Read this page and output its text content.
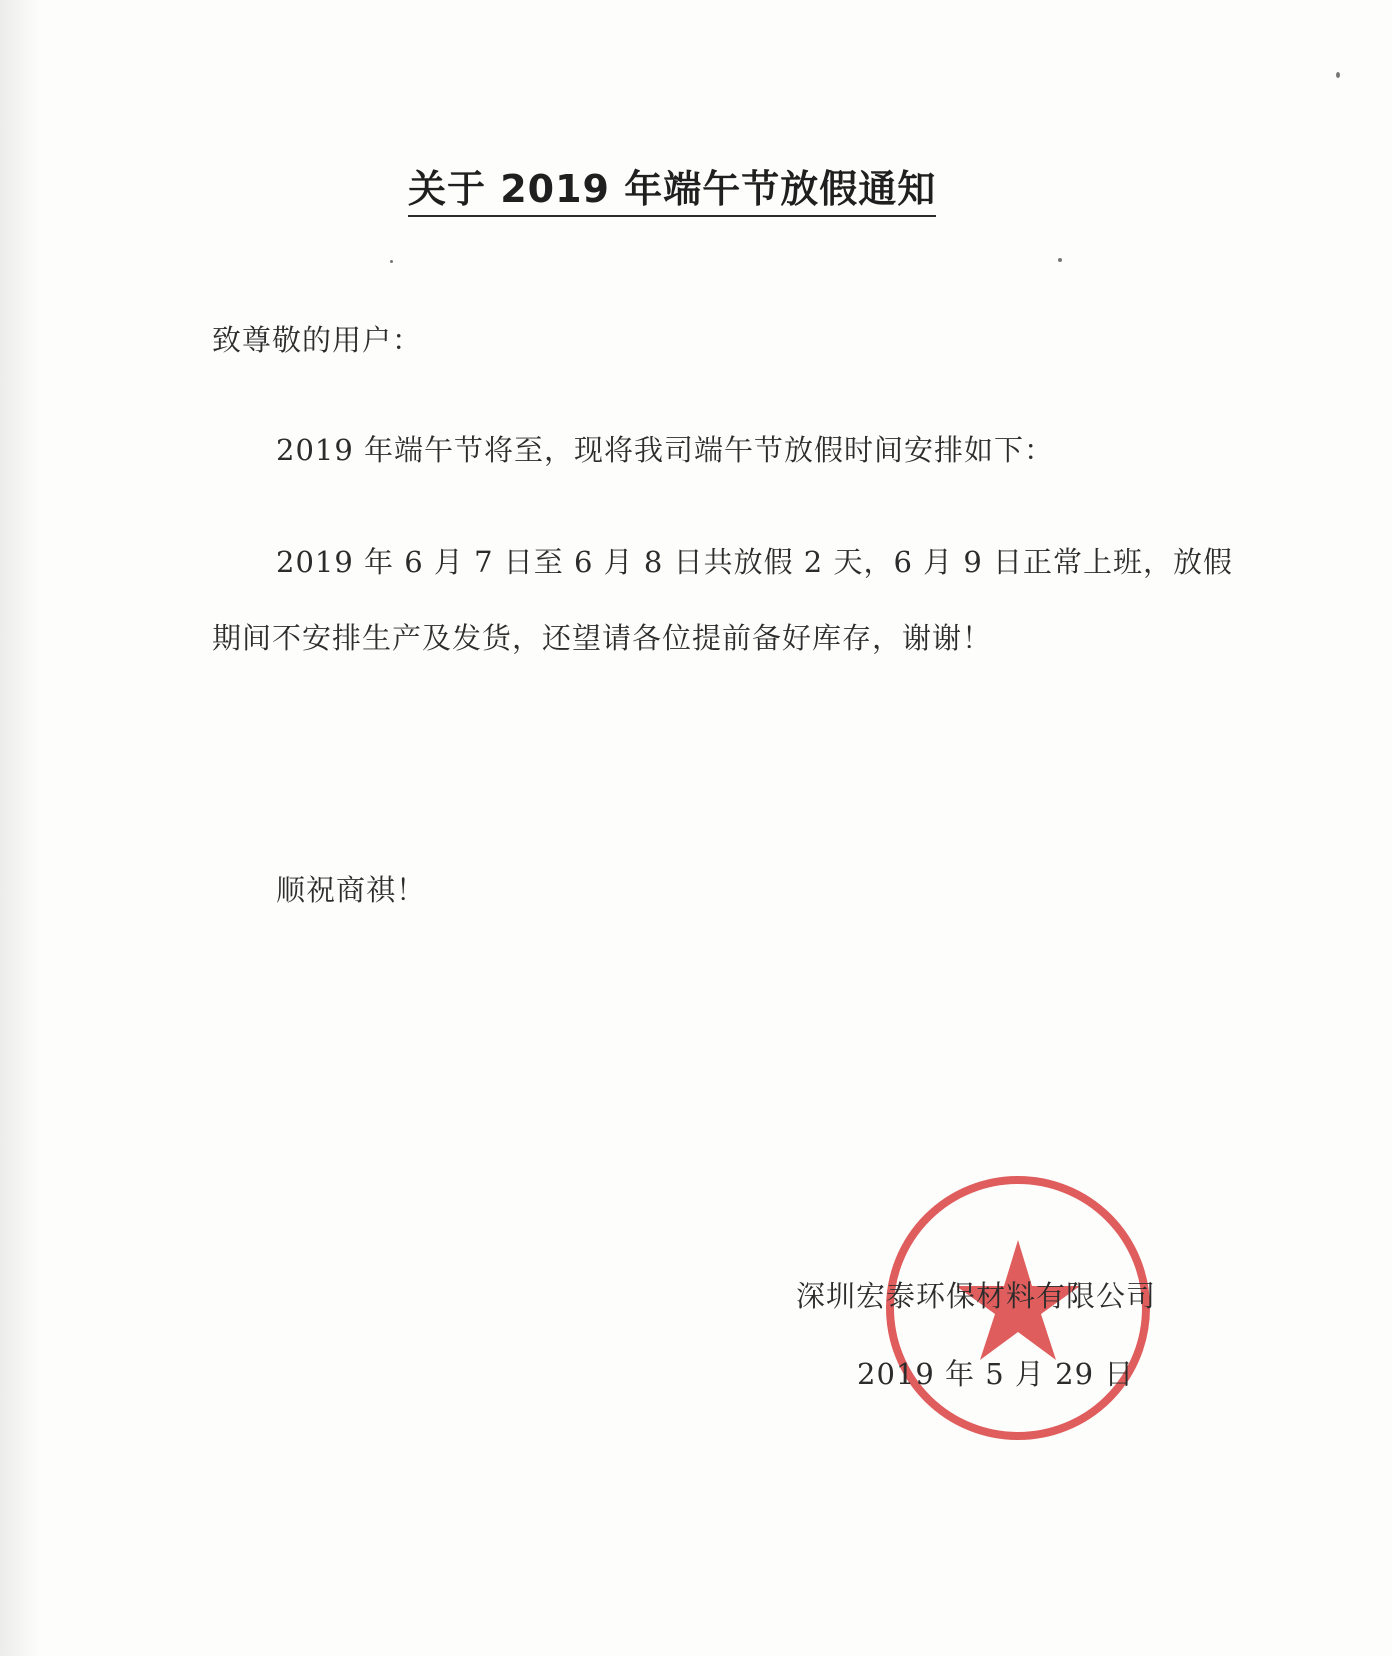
关于 2019 年端午节放假通知
致尊敬的用户：
2019 年端午节将至，现将我司端午节放假时间安排如下：
2019 年 6 月 7 日至 6 月 8 日共放假 2 天，6 月 9 日正常上班，放假
期间不安排生产及发货，还望请各位提前备好库存，谢谢！
顺祝商祺！
深圳宏泰环保材料有限公司
2019 年 5 月 29 日
